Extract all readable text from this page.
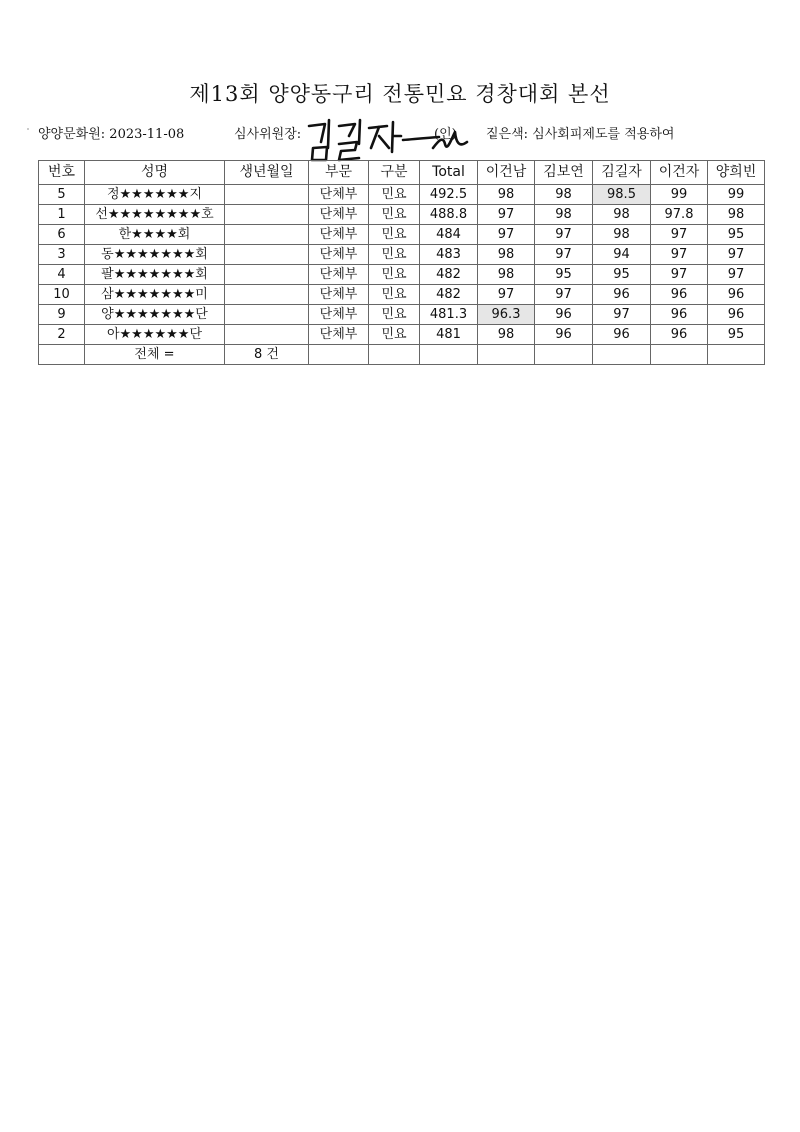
제13회 양양동구리 전통민요 경창대회 본선
양양문화원: 2023-11-08	심사위원장:	(인) 짙은색: 심사회피제도를 적용하여
번호	성명	생년월일	부문	구분	Total	이건남	김보연	김길자	이건자	양희빈
5	정★★★★★★지		단체부	민요	492.5	98	98	98.5	99	99
1	선★★★★★★★★호		단체부	민요	488.8	97	98	98	97.8	98
6	한★★★★회		단체부	민요	484	97	97	98	97	95
3	동★★★★★★★회		단체부	민요	483	98	97	94	97	97
4	팔★★★★★★★회		단체부	민요	482	98	95	95	97	97
10	삼★★★★★★★미		단체부	민요	482	97	97	96	96	96
9	양★★★★★★★단		단체부	민요	481.3	96.3	96	97	96	96
2	아★★★★★★단		단체부	민요	481	98	96	96	96	95
	전체 =	8 건								
